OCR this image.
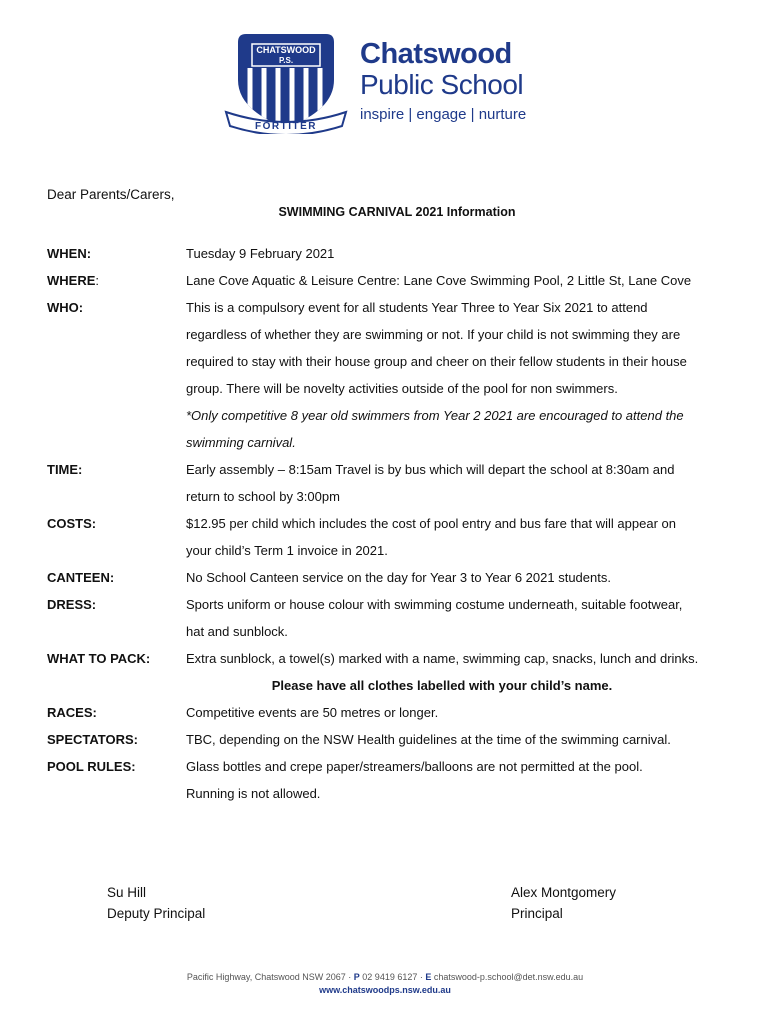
CHATSWOOD
P.S.
FORTITER
Chatswood
Public School
inspire | engage | nurture
Dear Parents/Carers,
SWIMMING CARNIVAL 2021 Information
WHEN:	Tuesday 9 February 2021
WHERE:	Lane Cove Aquatic & Leisure Centre: Lane Cove Swimming Pool, 2 Little St, Lane Cove
WHO:	This is a compulsory event for all students Year Three to Year Six 2021 to attend

regardless of whether they are swimming or not. If your child is not swimming they are

required to stay with their house group and cheer on their fellow students in their house

group. There will be novelty activities outside of the pool for non swimmers.

*Only competitive 8 year old swimmers from Year 2 2021 are encouraged to attend the

swimming carnival.

TIME:	Early assembly – 8:15am Travel is by bus which will depart the school at 8:30am and

return to school by 3:00pm

COSTS:	$12.95 per child which includes the cost of pool entry and bus fare that will appear on

your child’s Term 1 invoice in 2021.

CANTEEN:	No School Canteen service on the day for Year 3 to Year 6 2021 students.
DRESS:	Sports uniform or house colour with swimming costume underneath, suitable footwear,

hat and sunblock.

WHAT TO PACK:	Extra sunblock, a towel(s) marked with a name, swimming cap, snacks, lunch and drinks.
Please have all clothes labelled with your child’s name.
RACES:	Competitive events are 50 metres or longer.
SPECTATORS:	TBC, depending on the NSW Health guidelines at the time of the swimming carnival.
POOL RULES:	Glass bottles and crepe paper/streamers/balloons are not permitted at the pool.

Running is not allowed.

Su Hill
Deputy Principal
Alex Montgomery
Principal
Pacific Highway, Chatswood NSW 2067 · P 02 9419 6127 · E chatswood-p.school@det.nsw.edu.au
www.chatswoodps.nsw.edu.au
